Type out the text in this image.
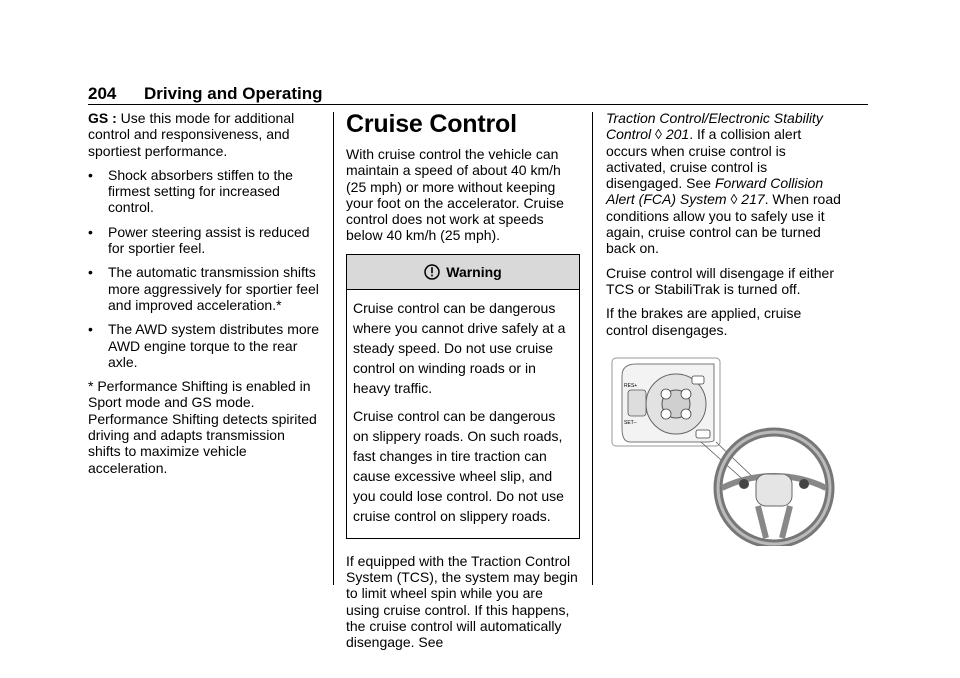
204 Driving and Operating

GS : Use this mode for additional control and responsiveness, and sportiest performance.

•	Shock absorbers stiffen to the firmest setting for increased control.
•	Power steering assist is reduced for sportier feel.
•	The automatic transmission shifts more aggressively for sportier feel and improved acceleration.*
•	The AWD system distributes more AWD engine torque to the rear axle.

* Performance Shifting is enabled in Sport mode and GS mode. Performance Shifting detects spirited driving and adapts transmission shifts to maximize vehicle acceleration.

Cruise Control

With cruise control the vehicle can maintain a speed of about 40 km/h (25 mph) or more without keeping your foot on the accelerator. Cruise control does not work at speeds below 40 km/h (25 mph).

Warning

Cruise control can be dangerous where you cannot drive safely at a steady speed. Do not use cruise control on winding roads or in heavy traffic.

Cruise control can be dangerous on slippery roads. On such roads, fast changes in tire traction can cause excessive wheel slip, and you could lose control. Do not use cruise control on slippery roads.

If equipped with the Traction Control System (TCS), the system may begin to limit wheel spin while you are using cruise control. If this happens, the cruise control will automatically disengage. See

Traction Control/Electronic Stability Control ◊ 201. If a collision alert occurs when cruise control is activated, cruise control is disengaged. See Forward Collision Alert (FCA) System ◊ 217. When road conditions allow you to safely use it again, cruise control can be turned back on.

Cruise control will disengage if either TCS or StabiliTrak is turned off.

If the brakes are applied, cruise control disengages.

RES+
SET–
